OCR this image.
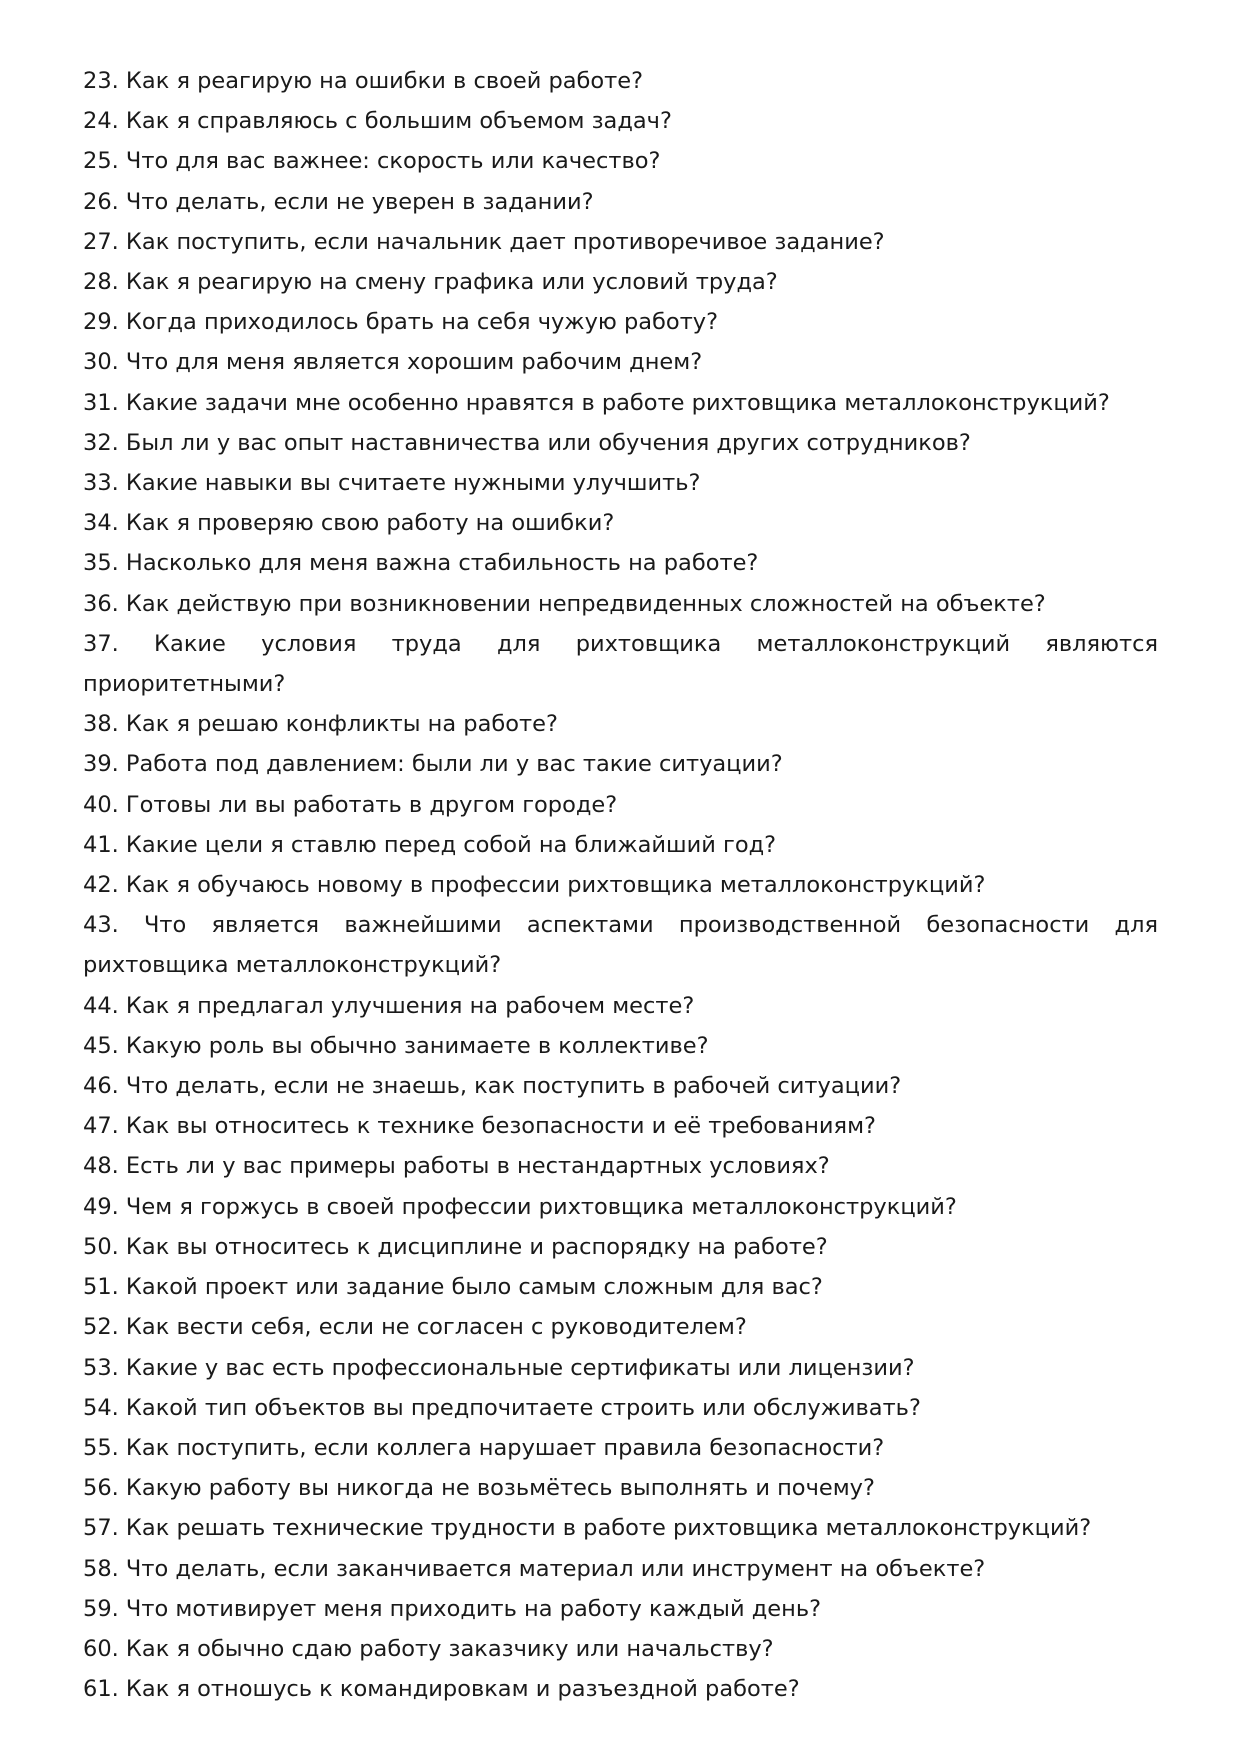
23. Как я реагирую на ошибки в своей работе?
24. Как я справляюсь с большим объемом задач?
25. Что для вас важнее: скорость или качество?
26. Что делать, если не уверен в задании?
27. Как поступить, если начальник дает противоречивое задание?
28. Как я реагирую на смену графика или условий труда?
29. Когда приходилось брать на себя чужую работу?
30. Что для меня является хорошим рабочим днем?
31. Какие задачи мне особенно нравятся в работе рихтовщика металлоконструкций?
32. Был ли у вас опыт наставничества или обучения других сотрудников?
33. Какие навыки вы считаете нужными улучшить?
34. Как я проверяю свою работу на ошибки?
35. Насколько для меня важна стабильность на работе?
36. Как действую при возникновении непредвиденных сложностей на объекте?
37. Какие условия труда для рихтовщика металлоконструкций являются приоритетными?
38. Как я решаю конфликты на работе?
39. Работа под давлением: были ли у вас такие ситуации?
40. Готовы ли вы работать в другом городе?
41. Какие цели я ставлю перед собой на ближайший год?
42. Как я обучаюсь новому в профессии рихтовщика металлоконструкций?
43. Что является важнейшими аспектами производственной безопасности для рихтовщика металлоконструкций?
44. Как я предлагал улучшения на рабочем месте?
45. Какую роль вы обычно занимаете в коллективе?
46. Что делать, если не знаешь, как поступить в рабочей ситуации?
47. Как вы относитесь к технике безопасности и её требованиям?
48. Есть ли у вас примеры работы в нестандартных условиях?
49. Чем я горжусь в своей профессии рихтовщика металлоконструкций?
50. Как вы относитесь к дисциплине и распорядку на работе?
51. Какой проект или задание было самым сложным для вас?
52. Как вести себя, если не согласен с руководителем?
53. Какие у вас есть профессиональные сертификаты или лицензии?
54. Какой тип объектов вы предпочитаете строить или обслуживать?
55. Как поступить, если коллега нарушает правила безопасности?
56. Какую работу вы никогда не возьмётесь выполнять и почему?
57. Как решать технические трудности в работе рихтовщика металлоконструкций?
58. Что делать, если заканчивается материал или инструмент на объекте?
59. Что мотивирует меня приходить на работу каждый день?
60. Как я обычно сдаю работу заказчику или начальству?
61. Как я отношусь к командировкам и разъездной работе?
